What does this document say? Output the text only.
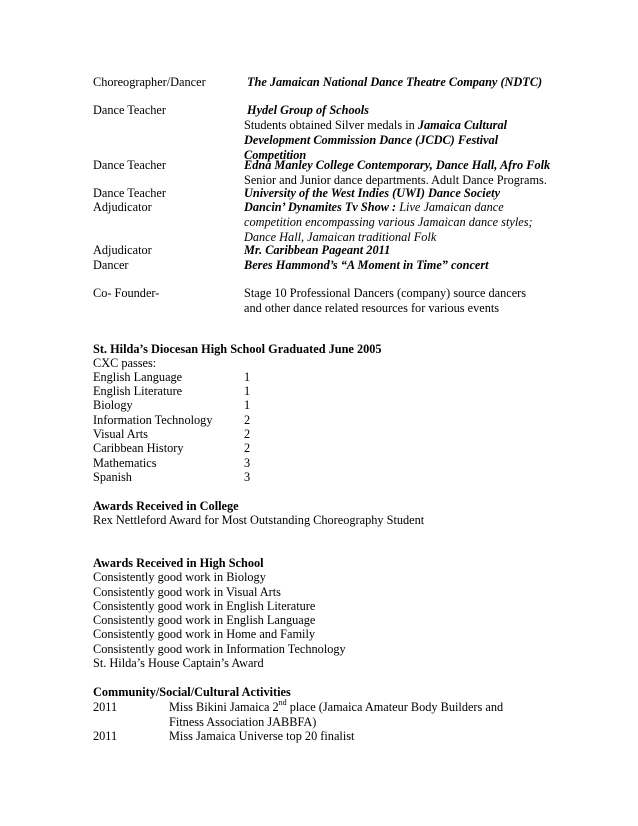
Choreographer/Dancer	The Jamaican National Dance Theatre Company (NDTC)
Dance Teacher	Hydel Group of Schools
Students obtained Silver medals in Jamaica Cultural
Development Commission Dance (JCDC) Festival
Competition
Dance Teacher	Edna Manley College Contemporary, Dance Hall, Afro Folk
Senior and Junior dance departments. Adult Dance Programs.
Dance Teacher	University of the West Indies (UWI) Dance Society
Adjudicator	Dancin’ Dynamites Tv Show : Live Jamaican dance
competition encompassing various Jamaican dance styles;
Dance Hall, Jamaican traditional Folk
Adjudicator	Mr. Caribbean Pageant 2011
Dancer	Beres Hammond’s “A Moment in Time” concert
Co- Founder-	Stage 10 Professional Dancers (company) source dancers
and other dance related resources for various events
St. Hilda’s Diocesan High School Graduated June 2005
CXC passes:
English Language	1
English Literature	1
Biology	1
Information Technology	2
Visual Arts	2
Caribbean History	2
Mathematics	3
Spanish	3
Awards Received in College
Rex Nettleford Award for Most Outstanding Choreography Student
Awards Received in High School
Consistently good work in Biology
Consistently good work in Visual Arts
Consistently good work in English Literature
Consistently good work in English Language
Consistently good work in Home and Family
Consistently good work in Information Technology
St. Hilda’s House Captain’s Award
Community/Social/Cultural Activities
2011	Miss Bikini Jamaica 2nd place (Jamaica Amateur Body Builders and
Fitness Association JABBFA)
2011	Miss Jamaica Universe top 20 finalist
